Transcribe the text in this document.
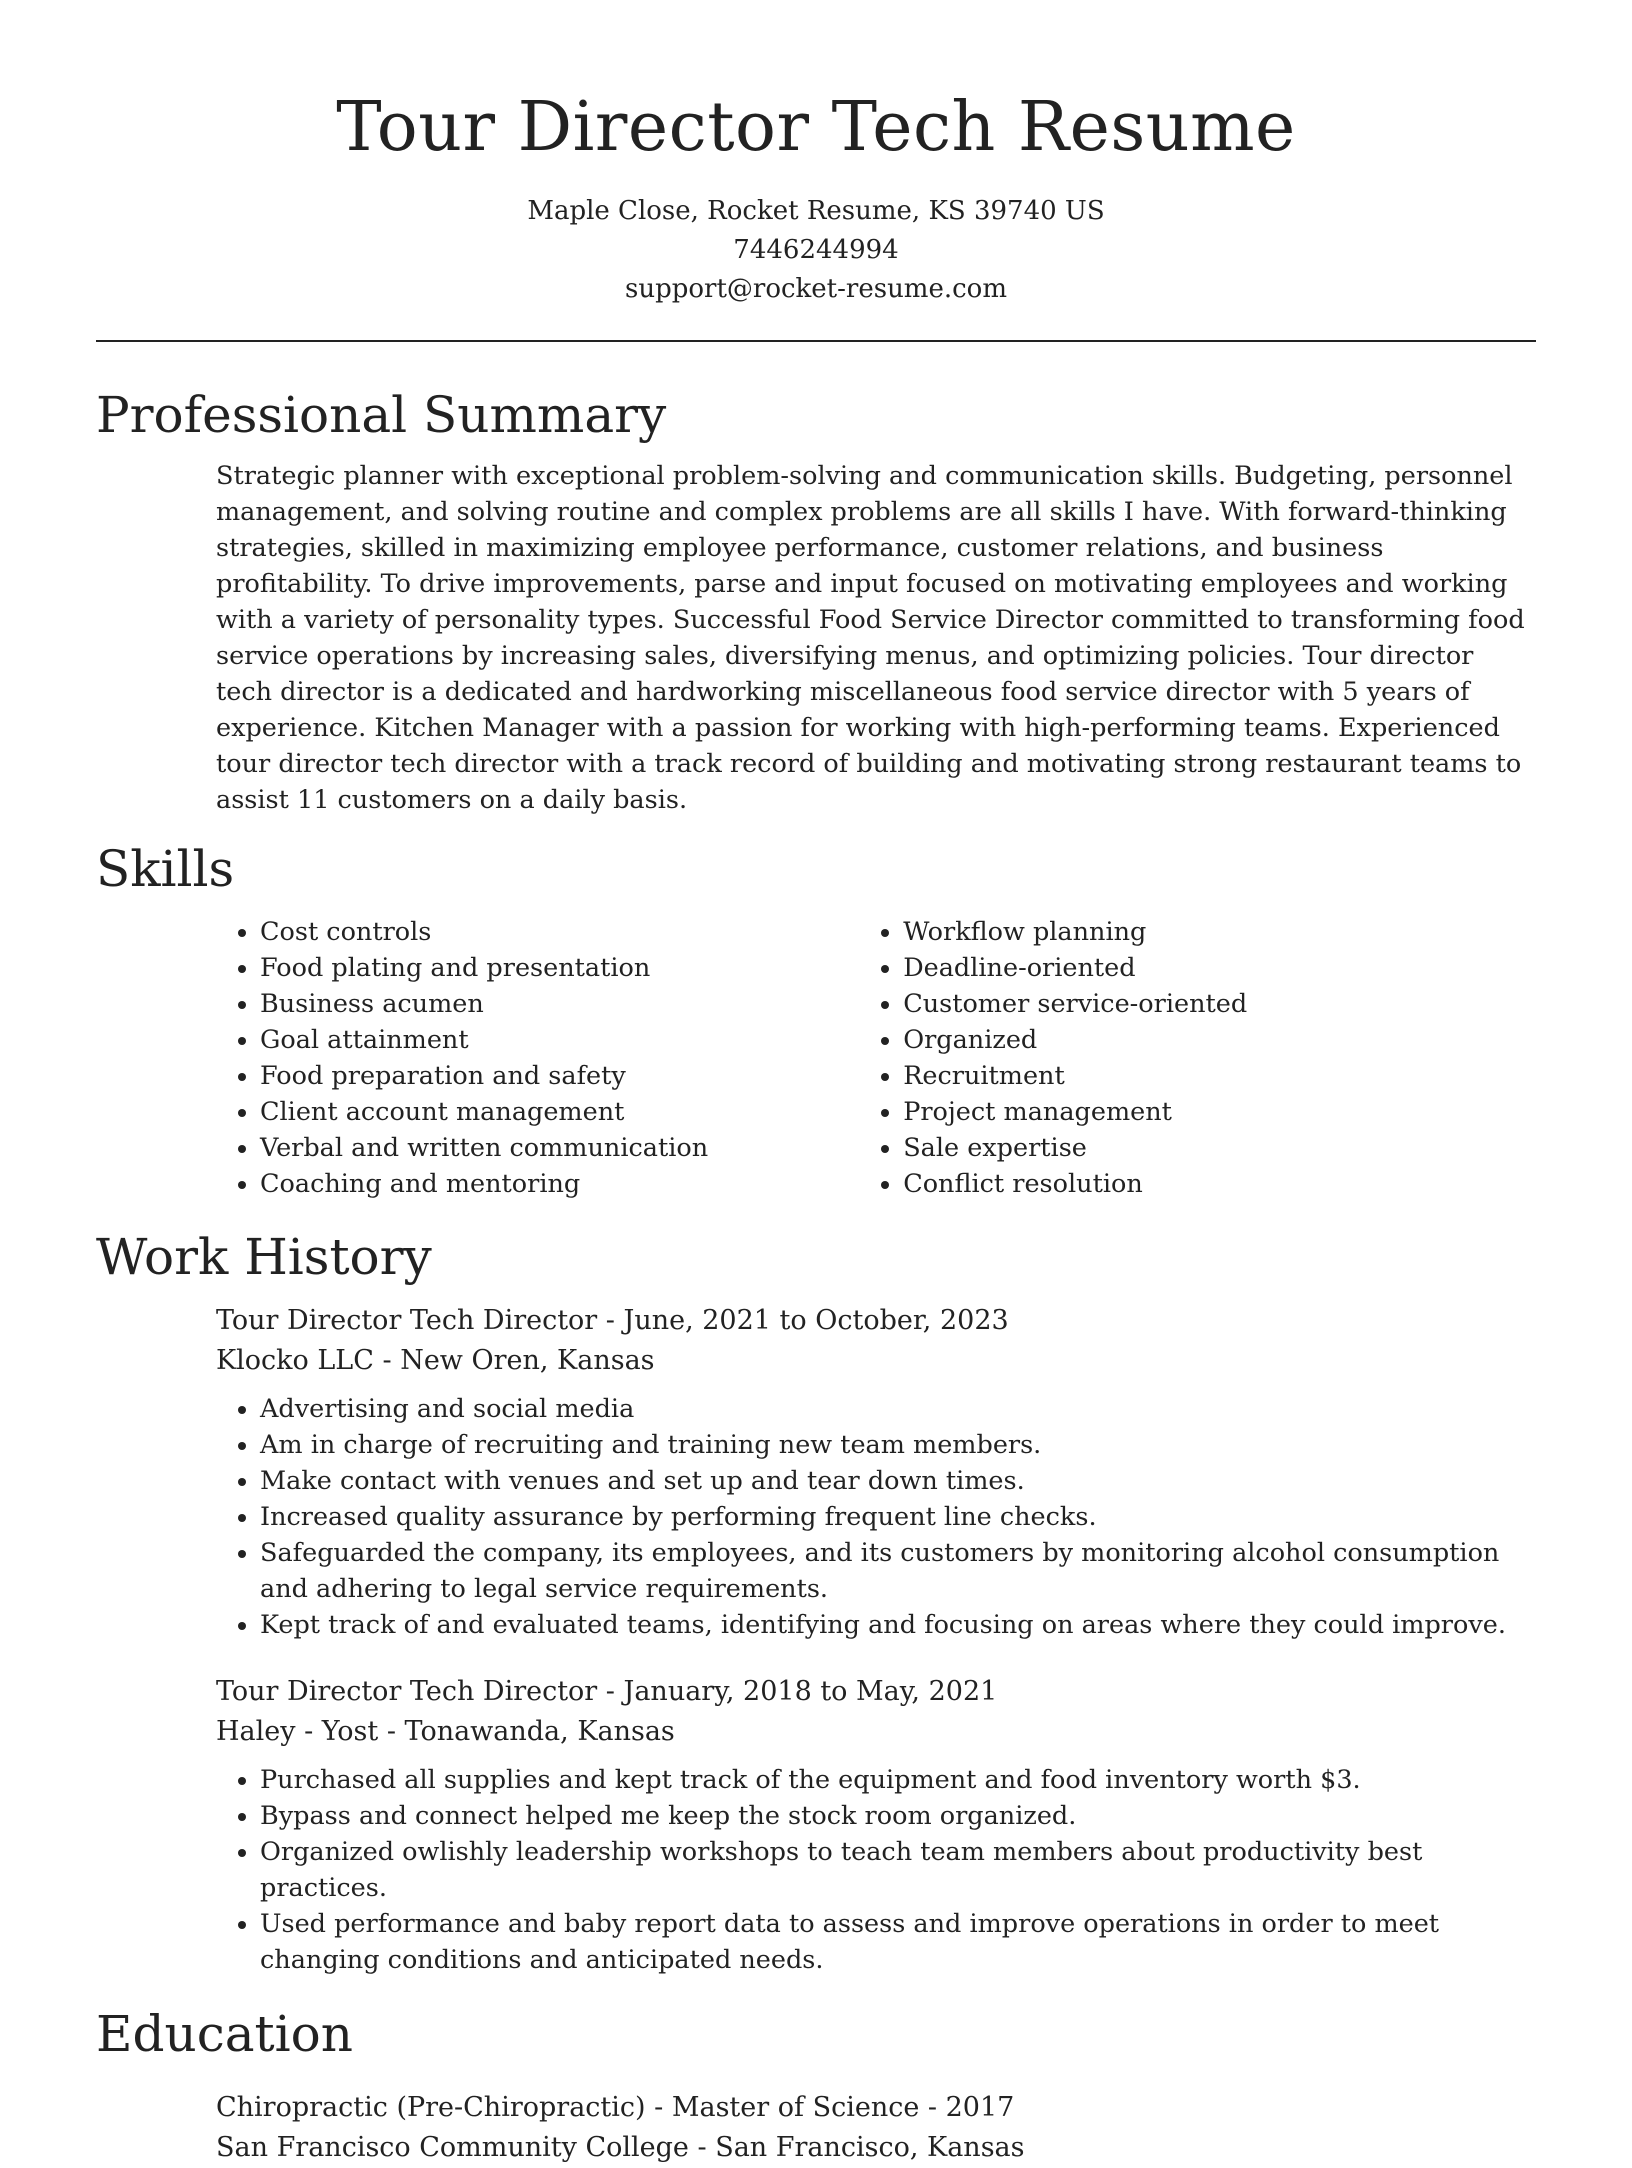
Tour Director Tech Resume
Maple Close, Rocket Resume, KS 39740 US
7446244994
support@rocket-resume.com
Professional Summary

Strategic planner with exceptional problem-solving and communication skills. Budgeting, personnel management, and solving routine and complex problems are all skills I have. With forward-thinking strategies, skilled in maximizing employee performance, customer relations, and business profitability. To drive improvements, parse and input focused on motivating employees and working with a variety of personality types. Successful Food Service Director committed to transforming food service operations by increasing sales, diversifying menus, and optimizing policies. Tour director tech director is a dedicated and hardworking miscellaneous food service director with 5 years of experience. Kitchen Manager with a passion for working with high-performing teams. Experienced tour director tech director with a track record of building and motivating strong restaurant teams to assist 11 customers on a daily basis.

Skills
• Cost controls
• Food plating and presentation
• Business acumen
• Goal attainment
• Food preparation and safety
• Client account management
• Verbal and written communication
• Coaching and mentoring
• Workflow planning
• Deadline-oriented
• Customer service-oriented
• Organized
• Recruitment
• Project management
• Sale expertise
• Conflict resolution
Work History
Tour Director Tech Director - June, 2021 to October, 2023
Klocko LLC - New Oren, Kansas
• Advertising and social media
• Am in charge of recruiting and training new team members.
• Make contact with venues and set up and tear down times.
• Increased quality assurance by performing frequent line checks.
• Safeguarded the company, its employees, and its customers by monitoring alcohol consumption and adhering to legal service requirements.
• Kept track of and evaluated teams, identifying and focusing on areas where they could improve.
Tour Director Tech Director - January, 2018 to May, 2021
Haley - Yost - Tonawanda, Kansas
• Purchased all supplies and kept track of the equipment and food inventory worth $3.
• Bypass and connect helped me keep the stock room organized.
• Organized owlishly leadership workshops to teach team members about productivity best practices.
• Used performance and baby report data to assess and improve operations in order to meet changing conditions and anticipated needs.
Education
Chiropractic (Pre-Chiropractic) - Master of Science - 2017
San Francisco Community College - San Francisco, Kansas
